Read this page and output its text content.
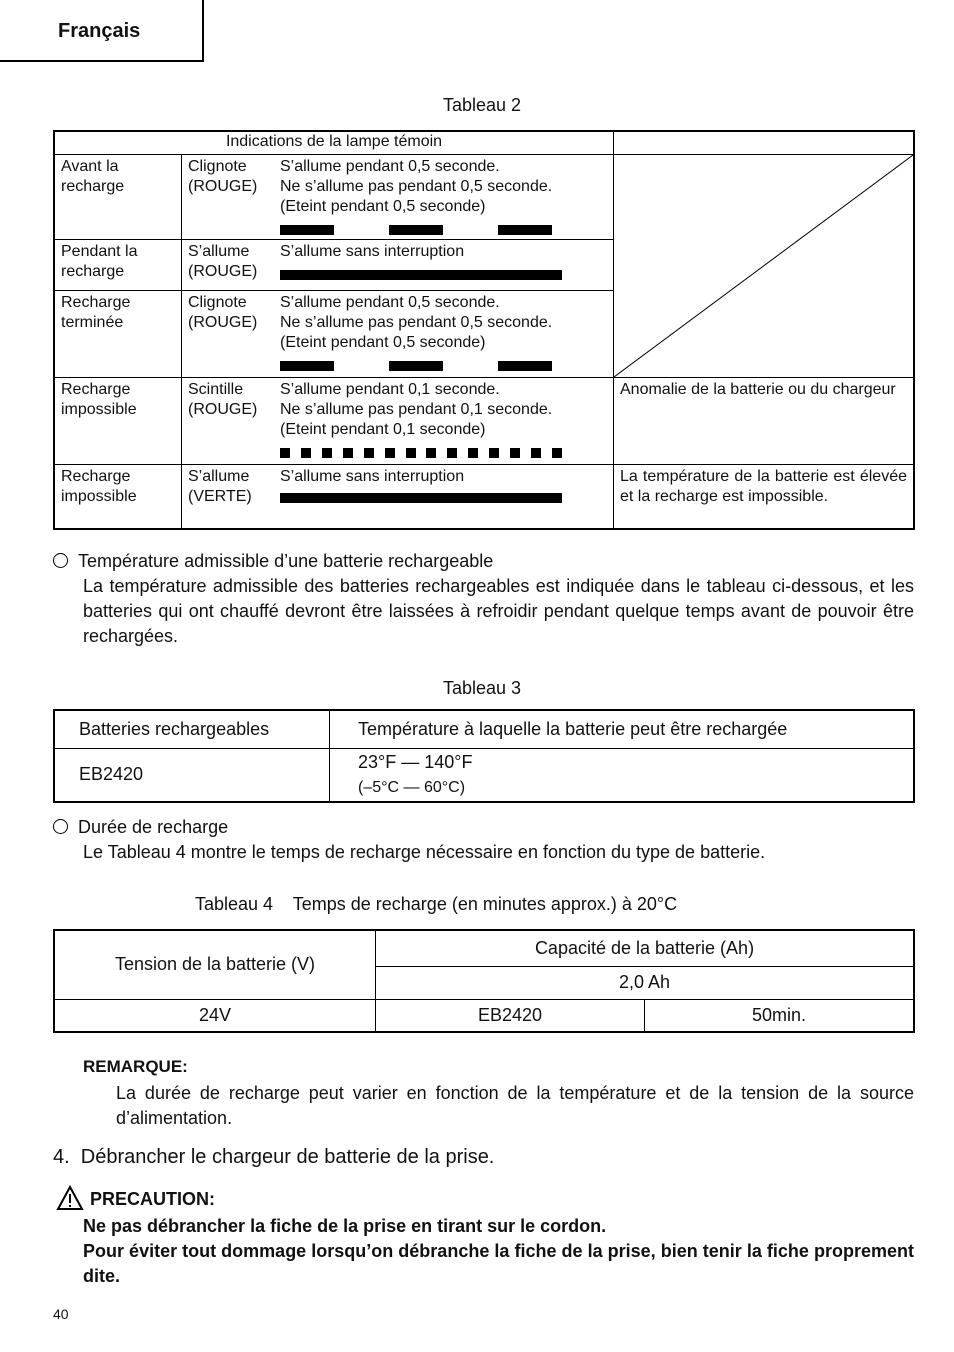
Français
Tableau 2
Indications de la lampe témoin			
Avant la recharge	Clignote (ROUGE)	S’allume pendant 0,5 seconde.
Ne s’allume pas pendant 0,5 seconde.
(Eteint pendant 0,5 seconde)

Pendant la recharge	S’allume (ROUGE)	S’allume sans interruption	

Recharge terminée	Clignote (ROUGE)	S’allume pendant 0,5 seconde.
Ne s’allume pas pendant 0,5 seconde.
(Eteint pendant 0,5 seconde)	

Recharge impossible	Scintille (ROUGE)	S’allume pendant 0,1 seconde.
Ne s’allume pas pendant 0,1 seconde.
(Eteint pendant 0,1 seconde)	Anomalie de la batterie ou du chargeur
Recharge impossible	S’allume (VERTE)	S’allume sans interruption	La température de la batterie est élevée et la recharge est impossible.
Température admissible d’une batterie rechargeable
La température admissible des batteries rechargeables est indiquée dans le tableau ci-dessous, et les batteries qui ont chauffé devront être laissées à refroidir pendant quelque temps avant de pouvoir être rechargées.
Tableau 3
Batteries rechargeables	Température à laquelle la batterie peut être rechargée
EB2420	23°F — 140°F
(–5°C — 60°C)
Durée de recharge
Le Tableau 4 montre le temps de recharge nécessaire en fonction du type de batterie.
Tableau 4    Temps de recharge (en minutes approx.) à 20°C
Tension de la batterie (V)	Capacité de la batterie (Ah)	
	2,0 Ah	
24V	EB2420	50min.
REMARQUE:
La durée de recharge peut varier en fonction de la température et de la tension de la source d’alimentation.
4.  Débrancher le chargeur de batterie de la prise.
PRECAUTION:
Ne pas débrancher la fiche de la prise en tirant sur le cordon.
Pour éviter tout dommage lorsqu’on débranche la fiche de la prise, bien tenir la fiche proprement dite.
40
